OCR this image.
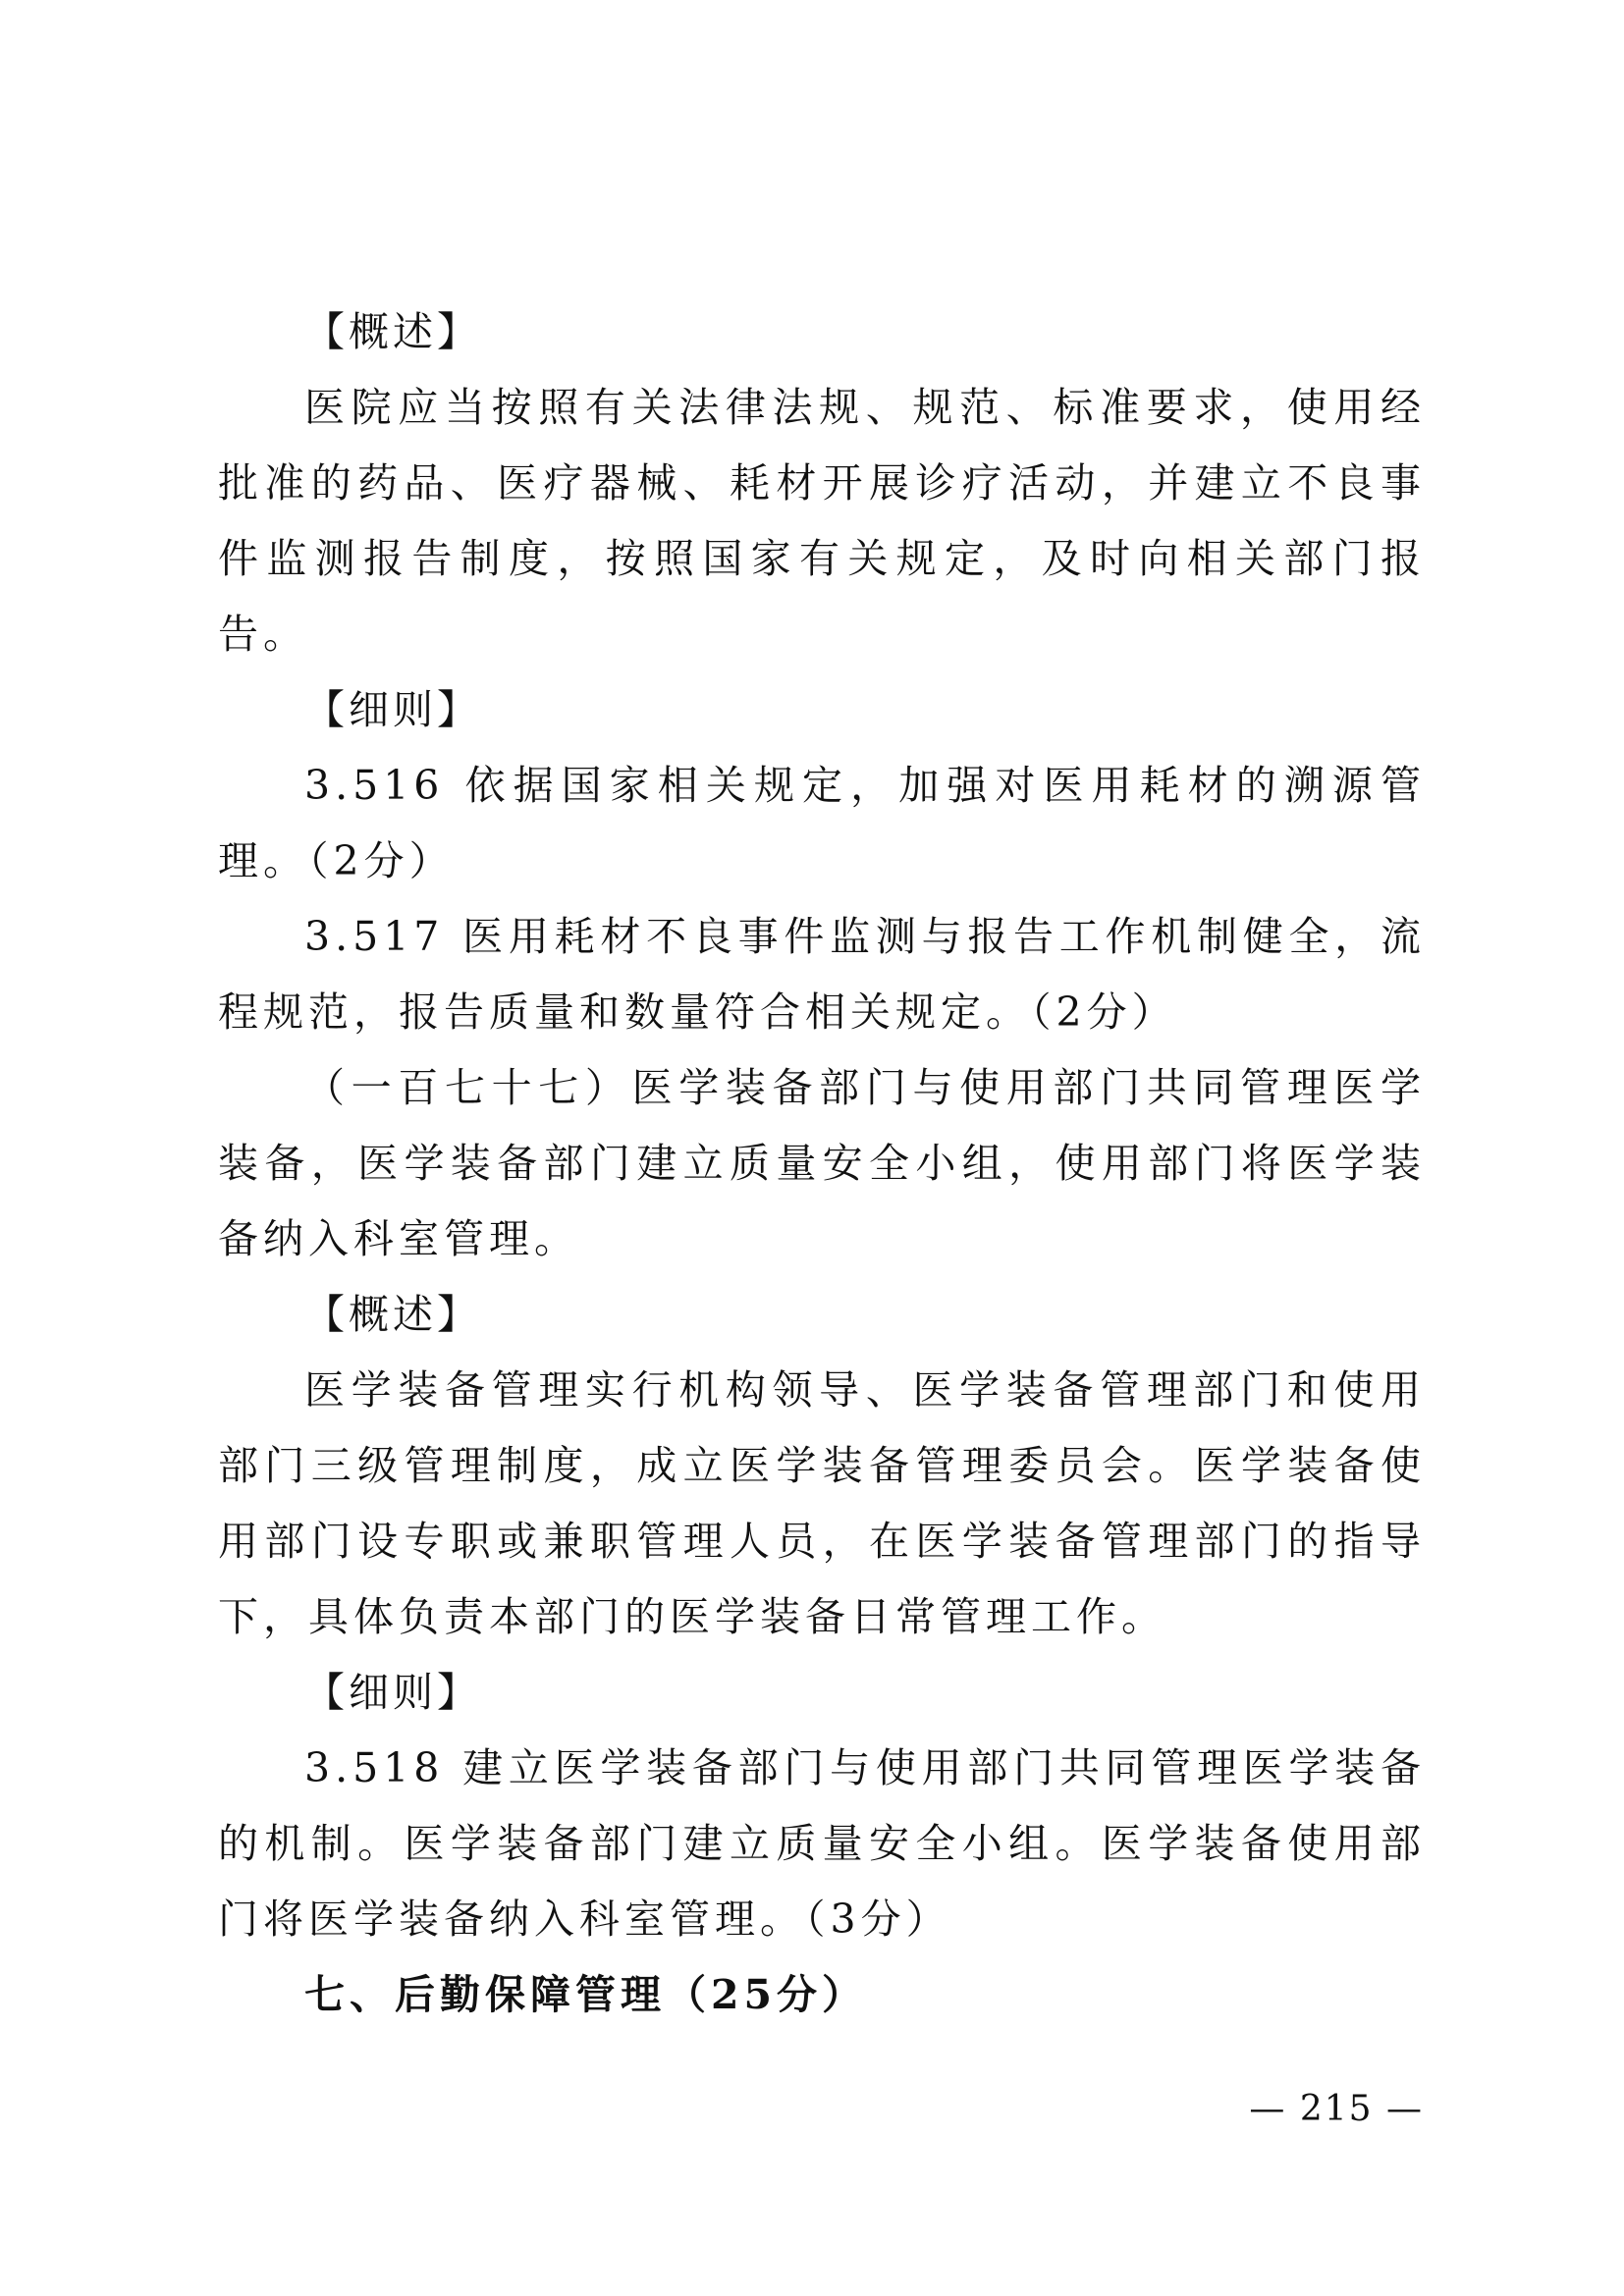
【概述】

医院应当按照有关法律法规、规范、标准要求，使用经批准的药品、医疗器械、耗材开展诊疗活动，并建立不良事件监测报告制度，按照国家有关规定，及时向相关部门报告。

【细则】

3.516 依据国家相关规定，加强对医用耗材的溯源管理。（2分）

3.517 医用耗材不良事件监测与报告工作机制健全，流程规范，报告质量和数量符合相关规定。（2分）

（一百七十七）医学装备部门与使用部门共同管理医学装备，医学装备部门建立质量安全小组，使用部门将医学装备纳入科室管理。

【概述】

医学装备管理实行机构领导、医学装备管理部门和使用部门三级管理制度，成立医学装备管理委员会。医学装备使用部门设专职或兼职管理人员，在医学装备管理部门的指导下，具体负责本部门的医学装备日常管理工作。

【细则】

3.518 建立医学装备部门与使用部门共同管理医学装备的机制。医学装备部门建立质量安全小组。医学装备使用部门将医学装备纳入科室管理。（3分）

七、后勤保障管理（25分）

— 215 —
